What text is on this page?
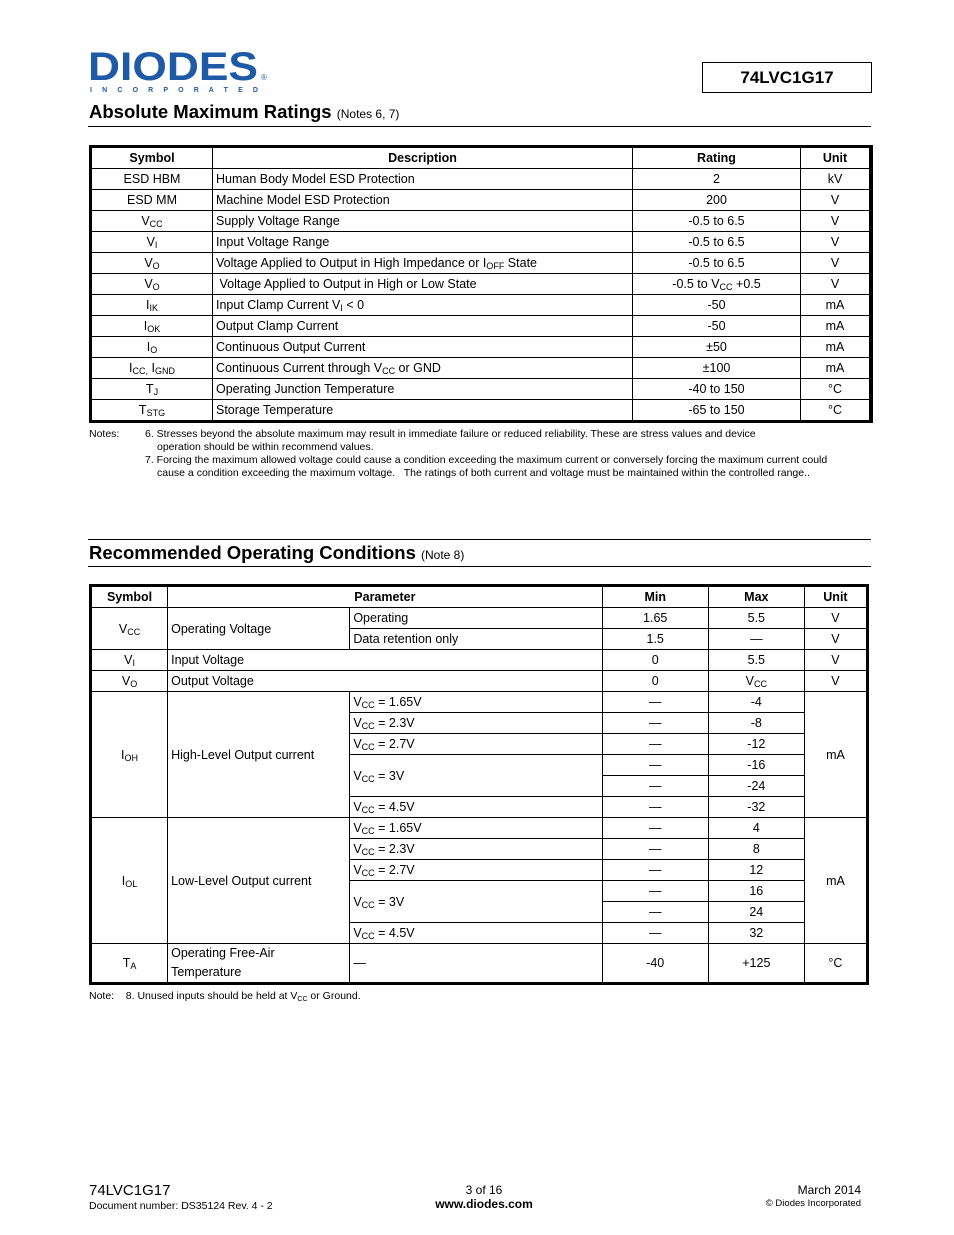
DIODES ®
I N C O R P O R A T E D
74LVC1G17
Absolute Maximum Ratings (Notes 6, 7)
Symbol	Description	Rating	Unit
ESD HBM	Human Body Model ESD Protection	2	kV
ESD MM	Machine Model ESD Protection	200	V
$V_{CC}$	Supply Voltage Range	-0.5 to 6.5	V
$V_I$	Input Voltage Range	-0.5 to 6.5	V
$V_O$	Voltage Applied to Output in High Impedance or $I_{OFF}$ State	-0.5 to 6.5	V
$V_O$	Voltage Applied to Output in High or Low State	-0.5 to $V_{CC} +0.5$	V
$I_{IK}$	Input Clamp Current $V_I < 0$	-50	mA
$I_{OK}$	Output Clamp Current	-50	mA
$I_O$	Continuous Output Current	±50	mA
$I_{CC,}$ $I_{GND}$	Continuous Current through $V_{CC}$ or GND	±100	mA
$T_J$	Operating Junction Temperature	-40 to 150	°C
$T_{STG}$	Storage Temperature	-65 to 150	°C
Notes:	6. Stresses beyond the absolute maximum may result in immediate failure or reduced reliability. These are stress values and device
operation should be within recommend values.
7. Forcing the maximum allowed voltage could cause a condition exceeding the maximum current or conversely forcing the maximum current could
cause a condition exceeding the maximum voltage.   The ratings of both current and voltage must be maintained within the controlled range..
Recommended Operating Conditions (Note 8)
Symbol	Parameter		Min	Max	Unit
$V_{CC}$	Operating Voltage	Operating	1.65	5.5	V
		Data retention only	1.5	—	V
$V_I$	Input Voltage		0	5.5	V
$V_O$	Output Voltage		0	$V_{CC}$	V
$I_{OH}$	High-Level Output current	$V_{CC} = 1.65V$	—	-4	mA
		$V_{CC} = 2.3V$	—	-8	
		$V_{CC} = 2.7V$	—	-12	
		$V_{CC} = 3V$	—	-16	
			—	-24	
		$V_{CC} = 4.5V$	—	-32	
$I_{OL}$	Low-Level Output current	$V_{CC} = 1.65V$	—	4	mA
		$V_{CC} = 2.3V$	—	8	
		$V_{CC} = 2.7V$	—	12	
		$V_{CC} = 3V$	—	16	
			—	24	
		$V_{CC} = 4.5V$	—	32	
$T_A$	Operating Free-Air
Temperature	—	-40	+125	°C
Note:    8. Unused inputs should be held at $V_{CC}$ or Ground.
74LVC1G17
Document number: DS35124 Rev. 4 - 2
3 of 16
www.diodes.com
March 2014
© Diodes Incorporated
